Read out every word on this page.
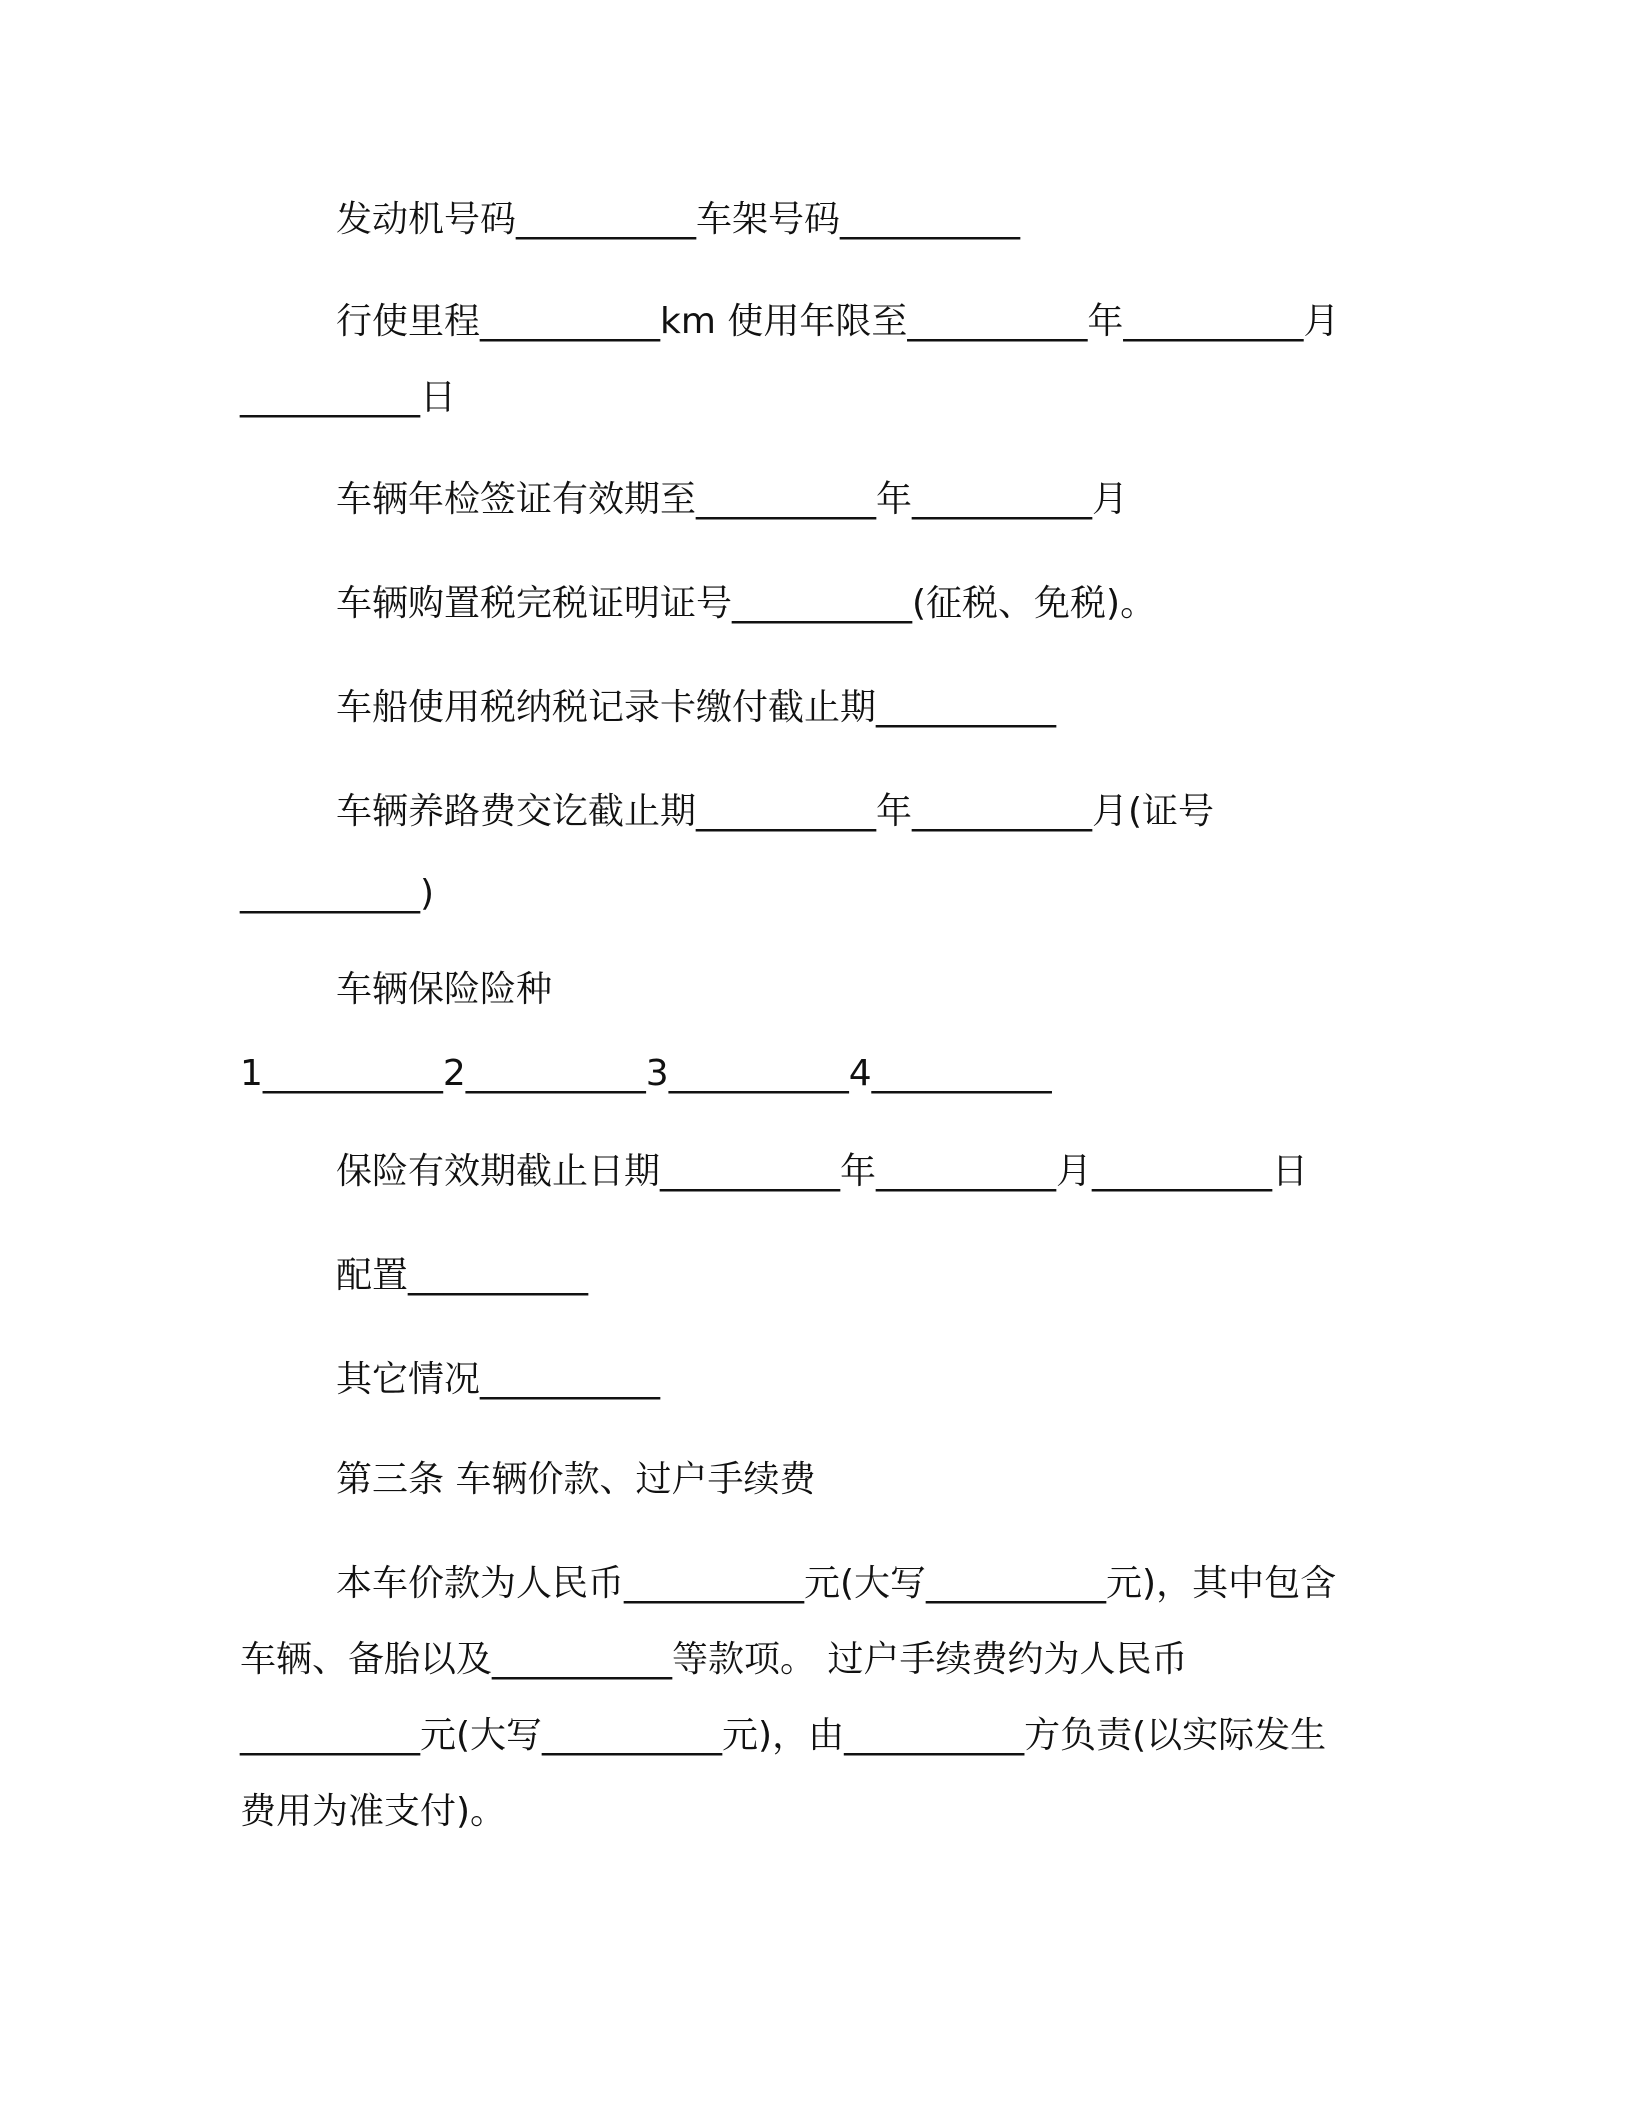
发动机号码__________车架号码__________
行使里程__________km 使用年限至__________年__________月
__________日
车辆年检签证有效期至__________年__________月
车辆购置税完税证明证号__________(征税、免税)。
车船使用税纳税记录卡缴付截止期__________
车辆养路费交讫截止期__________年__________月(证号
__________)
车辆保险险种
1__________2__________3__________4__________
保险有效期截止日期__________年__________月__________日
配置__________
其它情况__________
第三条 车辆价款、过户手续费
本车价款为人民币__________元(大写__________元)，其中包含
车辆、备胎以及__________等款项。 过户手续费约为人民币
__________元(大写__________元)，由__________方负责(以实际发生
费用为准支付)。
